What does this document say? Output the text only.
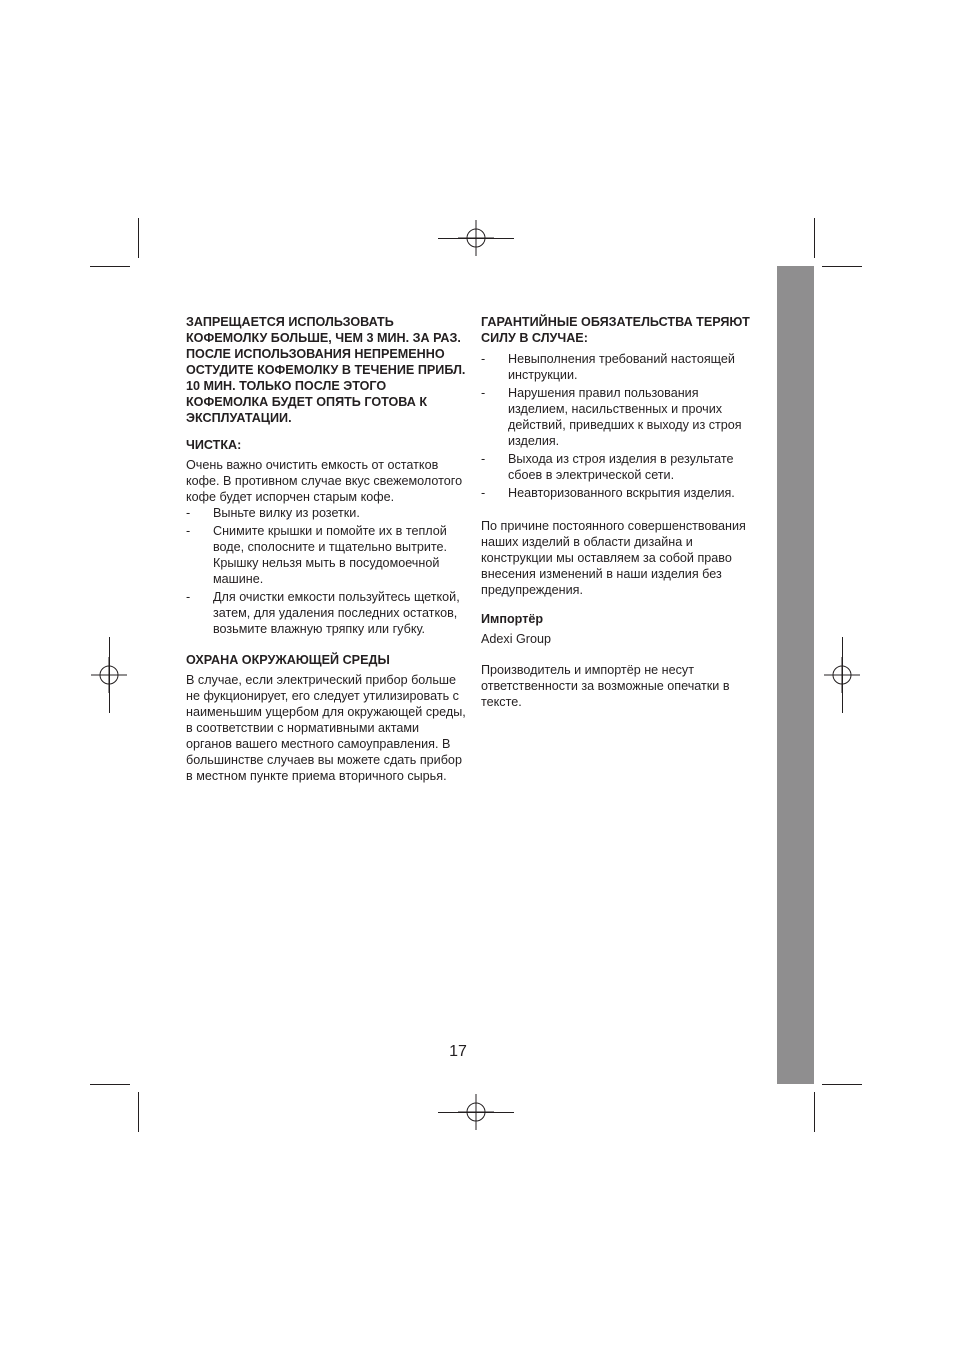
ЗАПРЕЩАЕТСЯ ИСПОЛЬЗОВАТЬ КОФЕМОЛКУ БОЛЬШЕ, ЧЕМ 3 МИН. ЗА РАЗ. ПОСЛЕ ИСПОЛЬЗОВАНИЯ НЕПРЕМЕННО ОСТУДИТЕ КОФЕМОЛКУ В ТЕЧЕНИЕ ПРИБЛ. 10 МИН. ТОЛЬКО ПОСЛЕ ЭТОГО КОФЕМОЛКА БУДЕТ ОПЯТЬ ГОТОВА К ЭКСПЛУАТАЦИИ.

ЧИСТКА:

Очень важно очистить емкость от остатков кофе. В противном случае вкус свежемолотого кофе будет испорчен старым кофе.

- Выньте вилку из розетки.
- Снимите крышки и помойте их в теплой воде, сполосните и тщательно вытрите. Крышку нельзя мыть в посудомоечной машине.
- Для очистки емкости пользуйтесь щеткой, затем, для удаления последних остатков, возьмите влажную тряпку или губку.

ОХРАНА ОКРУЖАЮЩЕЙ СРЕДЫ

В случае, если электрический прибор больше не фукционирует, его следует утилизировать с наименьшим ущербом для окружающей среды, в соответствии с нормативными актами органов вашего местного самоуправления. В большинстве случаев вы можете сдать прибор в местном пункте приема вторичного сырья.

ГАРАНТИЙНЫЕ ОБЯЗАТЕЛЬСТВА ТЕРЯЮТ СИЛУ В СЛУЧАЕ:

- Невыполнения требований настоящей инструкции.
- Нарушения правил пользования изделием, насильственных и прочих действий, приведших к выходу из строя изделия.
- Выхода из строя изделия в результате сбоев в электрической сети.
- Неавторизованного вскрытия изделия.

По причине постоянного совершенствования наших изделий в области дизайна и конструкции мы оставляем за собой право внесения изменений в наши изделия без предупреждения.

Импортёр

Adexi Group

Производитель и импортёр не несут ответственности за возможные опечатки в тексте.

17
